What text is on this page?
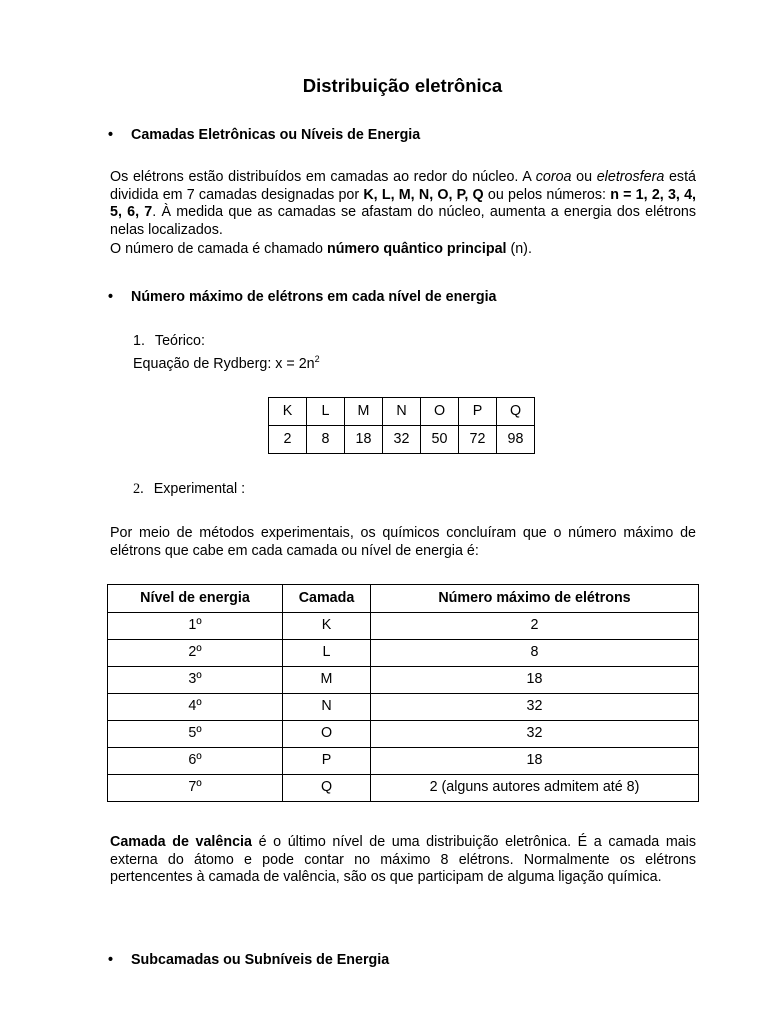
Distribuição eletrônica
• Camadas Eletrônicas ou Níveis de Energia

Os elétrons estão distribuídos em camadas ao redor do núcleo. A coroa ou eletrosfera está dividida em 7 camadas designadas por K, L, M, N, O, P, Q ou pelos números: n = 1, 2, 3, 4, 5, 6, 7. À medida que as camadas se afastam do núcleo, aumenta a energia dos elétrons nelas localizados.

O número de camada é chamado número quântico principal (n).

• Número máximo de elétrons em cada nível de energia
1. Teórico:
Equação de Rydberg: $x = 2n^2$
K	L	M	N	O	P	Q
2	8	18	32	50	72	98
2. Experimental :
Por meio de métodos experimentais, os químicos concluíram que o número máximo de elétrons que cabe em cada camada ou nível de energia é:
Nível de energia	Camada	Número máximo de elétrons
1º	K	2
2º	L	8
3º	M	18
4º	N	32
5º	O	32
6º	P	18
7º	Q	2 (alguns autores admitem até 8)
Camada de valência é o último nível de uma distribuição eletrônica. É a camada mais externa do átomo e pode contar no máximo 8 elétrons. Normalmente os elétrons pertencentes à camada de valência, são os que participam de alguma ligação química.
• Subcamadas ou Subníveis de Energia
